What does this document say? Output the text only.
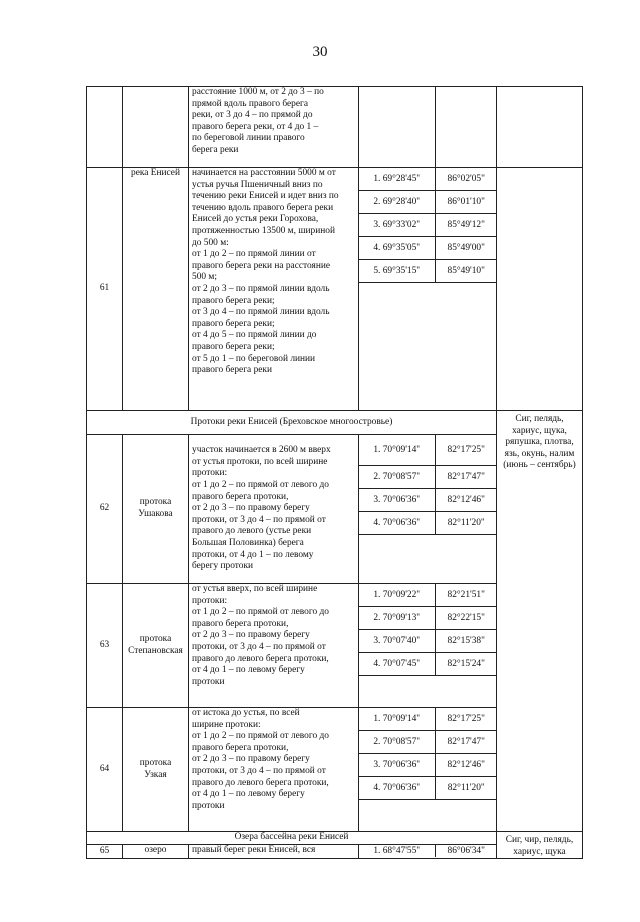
30
		расстояние 1000 м, от 2 до 3 – по
прямой вдоль правого берега
реки, от 3 до 4 – по прямой до
правого берега реки, от 4 до 1 –
по береговой линии правого
берега реки	

61	река Енисей	начинается на расстоянии 5000 м от
устья ручья Пшеничный вниз по
течению реки Енисей и идет вниз по
течению вдоль правого берега реки
Енисей до устья реки Горохова,
протяженностью 13500 м, шириной
до 500 м:
от 1 до 2 – по прямой линии от
правого берега реки на расстояние
500 м;
от 2 до 3 – по прямой линии вдоль
правого берега реки;
от 3 до 4 – по прямой линии вдоль
правого берега реки;
от 4 до 5 – по прямой линии до
правого берега реки;
от 5 до 1 – по береговой линии
правого берега реки	
1. 69°28'45"	86°02'05"
2. 69°28'40"	86°01'10"
3. 69°33'02"	85°49'12"
4. 69°35'05"	85°49'00"
5. 69°35'15"	85°49'10"

Протоки реки Енисей (Бреховское многоостровье)	Сиг, пелядь,
хариус, щука,
ряпушка, плотва,
язь, окунь, налим
(июнь – сентябрь)
62	протока
Ушакова	участок начинается в 2600 м вверх
от устья протоки, по всей ширине
протоки:
от 1 до 2 – по прямой от левого до
правого берега протоки,
от 2 до 3 – по правому берегу
протоки, от 3 до 4 – по прямой от
правого до левого (устье реки
Большая Половинка) берега
протоки, от 4 до 1 – по левому
берегу протоки	
1. 70°09'14"	82°17'25"
2. 70°08'57"	82°17'47"
3. 70°06'36"	82°12'46"
4. 70°06'36"	82°11'20"

63	протока
Степановская	от устья вверх, по всей ширине
протоки:
от 1 до 2 – по прямой от левого до
правого берега протоки,
от 2 до 3 – по правому берегу
протоки, от 3 до 4 – по прямой от
правого до левого берега протоки,
от 4 до 1 – по левому берегу
протоки	
1. 70°09'22"	82°21'51"
2. 70°09'13"	82°22'15"
3. 70°07'40"	82°15'38"
4. 70°07'45"	82°15'24"

64	протока
Узкая	от истока до устья, по всей
ширине протоки:
от 1 до 2 – по прямой от левого до
правого берега протоки,
от 2 до 3 – по правому берегу
протоки, от 3 до 4 – по прямой от
правого до левого берега протоки,
от 4 до 1 – по левому берегу
протоки	
1. 70°09'14"	82°17'25"
2. 70°08'57"	82°17'47"
3. 70°06'36"	82°12'46"
4. 70°06'36"	82°11'20"

Озера бассейна реки Енисей	Сиг, чир, пелядь,
хариус, щука
65	озеро	правый берег реки Енисей, вся		1. 68°47'55"	86°06'34"
